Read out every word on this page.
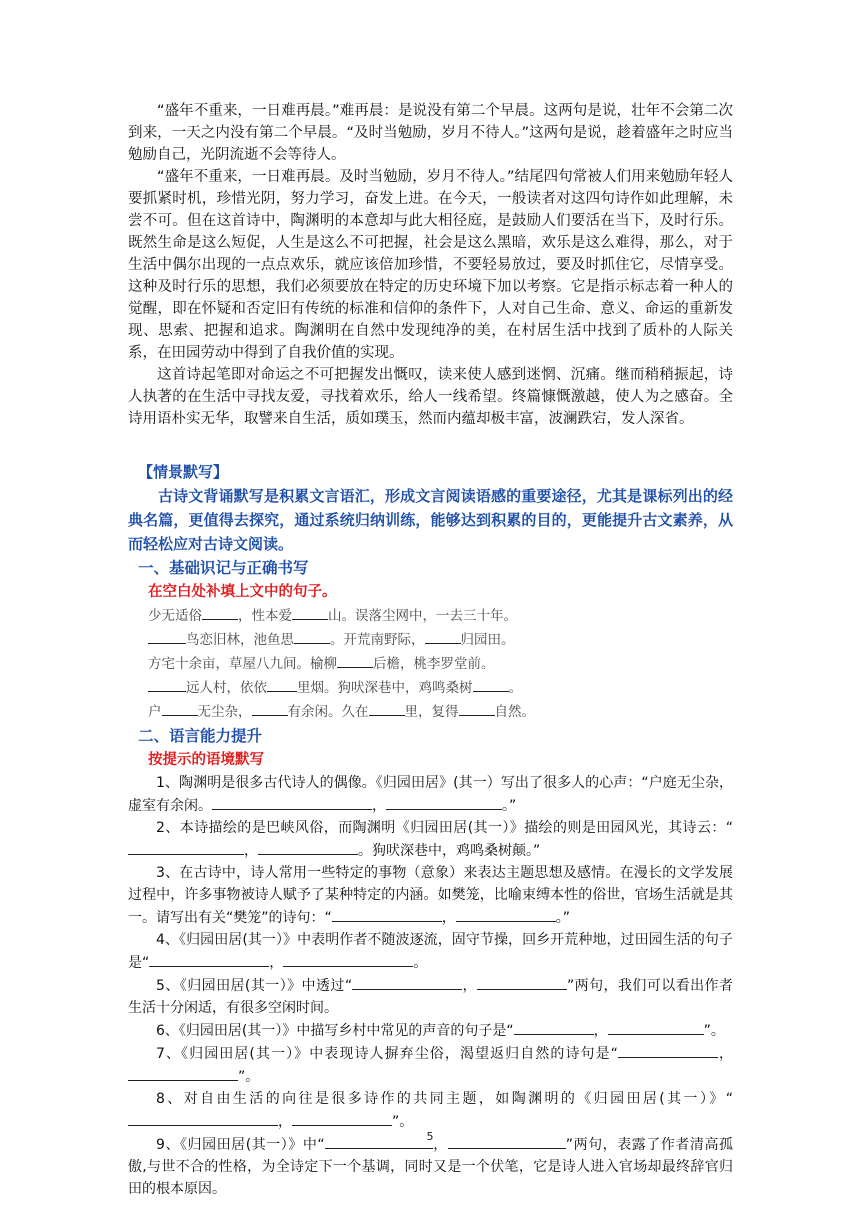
“盛年不重来，一日难再晨。”难再晨：是说没有第二个早晨。这两句是说，壮年不会第二次到来，一天之内没有第二个早晨。“及时当勉励，岁月不待人。”这两句是说，趁着盛年之时应当勉励自己，光阴流逝不会等待人。

“盛年不重来，一日难再晨。及时当勉励，岁月不待人。”结尾四句常被人们用来勉励年轻人要抓紧时机，珍惜光阴，努力学习，奋发上进。在今天，一般读者对这四句诗作如此理解，未尝不可。但在这首诗中，陶渊明的本意却与此大相径庭，是鼓励人们要活在当下，及时行乐。既然生命是这么短促，人生是这么不可把握，社会是这么黑暗，欢乐是这么难得，那么，对于生活中偶尔出现的一点点欢乐，就应该倍加珍惜，不要轻易放过，要及时抓住它，尽情享受。这种及时行乐的思想，我们必须要放在特定的历史环境下加以考察。它是指示标志着一种人的觉醒，即在怀疑和否定旧有传统的标准和信仰的条件下，人对自己生命、意义、命运的重新发现、思索、把握和追求。陶渊明在自然中发现纯净的美，在村居生活中找到了质朴的人际关系，在田园劳动中得到了自我价值的实现。

这首诗起笔即对命运之不可把握发出慨叹，读来使人感到迷惘、沉痛。继而稍稍振起，诗人执著的在生活中寻找友爱，寻找着欢乐，给人一线希望。终篇慷慨激越，使人为之感奋。全诗用语朴实无华，取譬来自生活，质如璞玉，然而内蕴却极丰富，波澜跌宕，发人深省。

【情景默写】

古诗文背诵默写是积累文言语汇，形成文言阅读语感的重要途径，尤其是课标列出的经典名篇，更值得去探究，通过系统归纳训练，能够达到积累的目的，更能提升古文素养，从而轻松应对古诗文阅读。

一、基础识记与正确书写

在空白处补填上文中的句子。

少无适俗	，性本爱	山。误落尘网中，一去三十年。

鸟恋旧林，池鱼思	。开荒南野际，	归园田。

方宅十余亩，草屋八九间。榆柳	后檐，桃李罗堂前。

远人村，依依 里烟。狗吠深巷中，鸡鸣桑树	。

户	无尘杂，	有余闲。久在	里，复得	自然。

二、语言能力提升

按提示的语境默写

1、陶渊明是很多古代诗人的偶像。《归园田居》(其一）写出了很多人的心声：“户庭无尘杂，虚室有余闲。	，	。”

2、本诗描绘的是巴峡风俗，而陶渊明《归园田居(其一）》描绘的则是田园风光，其诗云：“，	。狗吠深巷中，鸡鸣桑树颠。”

3、在古诗中，诗人常用一些特定的事物（意象）来表达主题思想及感情。在漫长的文学发展过程中，许多事物被诗人赋予了某种特定的内涵。如樊笼，比喻束缚本性的俗世，官场生活就是其一。请写出有关“樊笼”的诗句：“	，	。”

4、《归园田居(其一）》中表明作者不随波逐流，固守节操，回乡开荒种地，过田园生活的句子是“	，	。

5、《归园田居(其一）》中透过“	，	”两句，我们可以看出作者生活十分闲适，有很多空闲时间。

6、《归园田居(其一）》中描写乡村中常见的声音的句子是“	，	”。

7、《归园田居(其一）》中表现诗人摒弃尘俗，渴望返归自然的诗句是“	，”。

8、对自由生活的向往是很多诗作的共同主题，如陶渊明的《归园田居(其一）》“，	”。

9、《归园田居(其一）》中“	，	”两句，表露了作者清高孤傲,与世不合的性格，为全诗定下一个基调，同时又是一个伏笔，它是诗人进入官场却最终辞官归田的根本原因。

5
